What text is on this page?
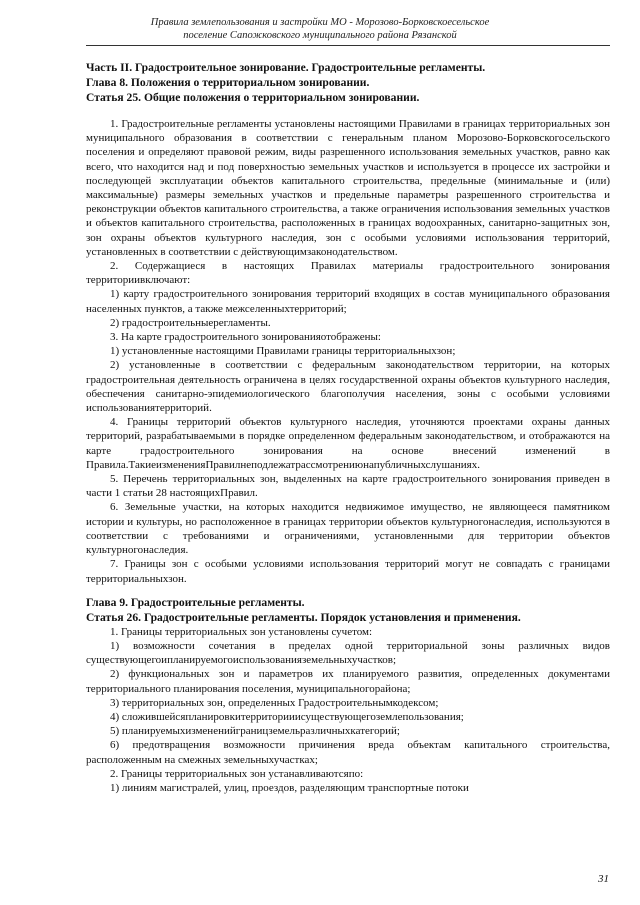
Правила землепользования и застройки МО - Морозово-Борковскоесельское
поселение Сапожковского муниципального района Рязанской
Часть II. Градостроительное зонирование. Градостроительные регламенты.
Глава 8. Положения о территориальном зонировании.
Статья 25. Общие положения о территориальном зонировании.

1. Градостроительные регламенты установлены настоящими Правилами в границах территориальных зон муниципального образования в соответствии с генеральным планом Морозово-Борковскогосельского поселения и определяют правовой режим, виды разрешенного использования земельных участков, равно как всего, что находится над и под поверхностью земельных участков и используется в процессе их застройки и последующей эксплуатации объектов капитального строительства, предельные (минимальные и (или) максимальные) размеры земельных участков и предельные параметры разрешенного строительства и реконструкции объектов капитального строительства, а также ограничения использования земельных участков и объектов капитального строительства, расположенных в границах водоохранных, санитарно-защитных зон, зон охраны объектов культурного наследия, зон с особыми условиями использования территорий, установленных в соответствии с действующимзаконодательством.

2. Содержащиеся в настоящих Правилах материалы градостроительного зонирования территориивключают:

1) карту градостроительного зонирования территорий входящих в состав муниципального образования населенных пунктов, а также межселенныхтерриторий;

2) градостроительныерегламенты.

3. На карте градостроительного зонированияотображены:

1) установленные настоящими Правилами границы территориальныхзон;

2) установленные в соответствии с федеральным законодательством территории, на которых градостроительная деятельность ограничена в целях государственной охраны объектов культурного наследия, обеспечения санитарно-эпидемиологического благополучия населения, зоны с особыми условиями использованиятерриторий.

4. Границы территорий объектов культурного наследия, уточняются проектами охраны данных территорий, разрабатываемыми в порядке определенном федеральным законодательством, и отображаются на карте градостроительного зонирования на основе внесений изменений в Правила.ТакиеизмененияПравилнеподлежатрассмотрениюнапубличныхслушаниях.

5. Перечень территориальных зон, выделенных на карте градостроительного зонирования приведен в части 1 статьи 28 настоящихПравил.

6. Земельные участки, на которых находится недвижимое имущество, не являющееся памятником истории и культуры, но расположенное в границах территории объектов культурногонаследия, используются в соответствии с требованиями и ограничениями, установленными для территории объектов культурногонаследия.

7. Границы зон с особыми условиями использования территорий могут не совпадать с границами территориальныхзон.

Глава 9. Градостроительные регламенты.
Статья 26. Градостроительные регламенты. Порядок установления и применения.

1. Границы территориальных зон установлены сучетом:

1) возможности сочетания в пределах одной территориальной зоны различных видов существующегоипланируемогоиспользованияземельныхучастков;

2) функциональных зон и параметров их планируемого развития, определенных документами территориального планирования поселения, муниципальногорайона;

3) территориальных зон, определенных Градостроительнымкодексом;

4) сложившейсяпланировкитерриторииисуществующегоземлепользования;

5) планируемыхизмененийграницземельразличныхкатегорий;

6) предотвращения возможности причинения вреда объектам капитального строительства, расположенным на смежных земельныхучастках;

2. Границы территориальных зон устанавливаютсяпо:

1) линиям магистралей, улиц, проездов, разделяющим транспортные потоки

31
